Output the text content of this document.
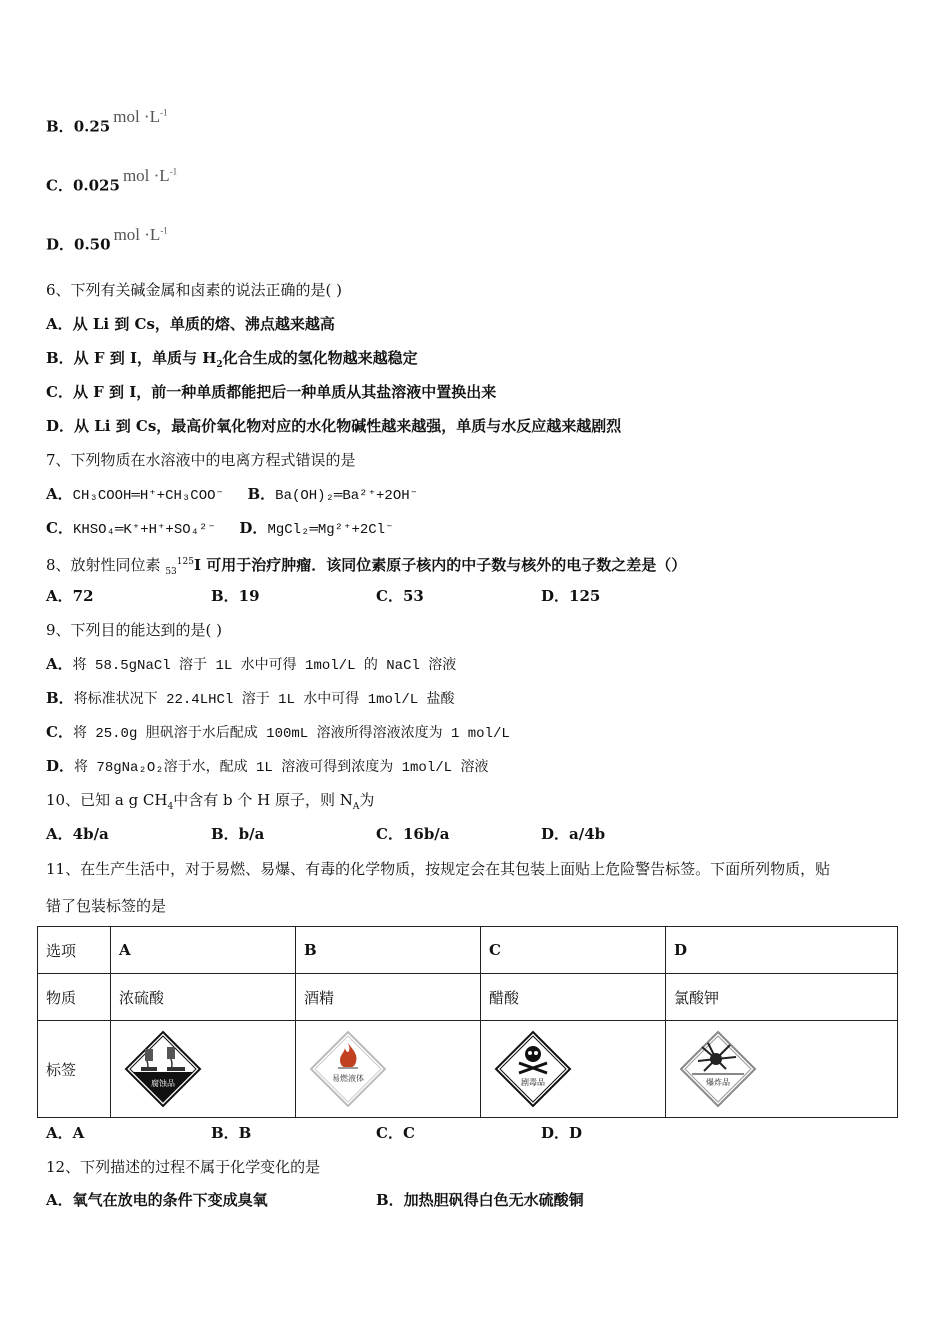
B．$0.25mol \cdot L^{-1}$
C．$0.025mol \cdot L^{-1}$
D．$0.50mol \cdot L^{-1}$
6、下列有关碱金属和卤素的说法正确的是( )
A．从 Li 到 Cs，单质的熔、沸点越来越高
B．从 F 到 I，单质与 $H_2$化合生成的氢化物越来越稳定
C．从 F 到 I，前一种单质都能把后一种单质从其盐溶液中置换出来
D．从 Li 到 Cs，最高价氧化物对应的水化物碱性越来越强，单质与水反应越来越剧烈
7、下列物质在水溶液中的电离方程式错误的是
A．CH₃COOH═H⁺+CH₃COO⁻ B．Ba(OH)₂═Ba²⁺+2OH⁻
C．KHSO₄═K⁺+H⁺+SO₄²⁻ D．MgCl₂═Mg²⁺+2Cl⁻
8、放射性同位素 $_{53}^{125}$I 可用于治疗肿瘤．该同位素原子核内的中子数与核外的电子数之差是（）
A．72	B．19	C．53	D．125
9、下列目的能达到的是( )
A．将 58.5gNaCl 溶于 1L 水中可得 1mol/L 的 NaCl 溶液
B．将标准状况下 22.4LHCl 溶于 1L 水中可得 1mol/L 盐酸
C．将 25.0g 胆矾溶于水后配成 100mL 溶液所得溶液浓度为 1 mol/L
D．将 78gNa₂O₂溶于水，配成 1L 溶液可得到浓度为 1mol/L 溶液
10、已知 a g $CH_4$中含有 b 个 H 原子，则 $N_A$为
A．4b/a	B．b/a	C．16b/a	D．a/4b
11、在生产生活中，对于易燃、易爆、有毒的化学物质，按规定会在其包装上面贴上危险警告标签。下面所列物质，贴
错了包装标签的是
选项	A	B	C	D
物质	浓硫酸	酒精	醋酸	氯酸钾
标签	腐蚀品	易燃液体	剧毒品	爆炸品
A．A	B．B	C．C	D．D
12、下列描述的过程不属于化学变化的是
A．氧气在放电的条件下变成臭氧	B．加热胆矾得白色无水硫酸铜
